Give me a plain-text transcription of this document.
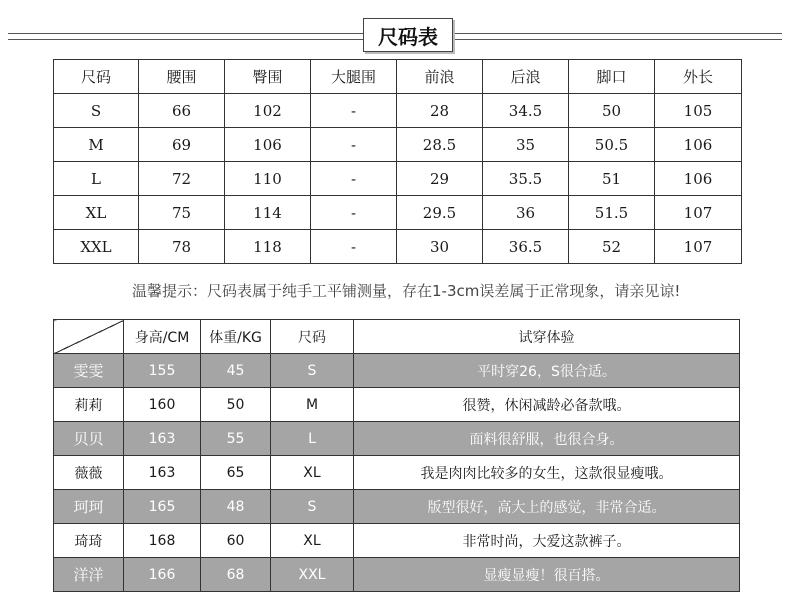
尺码表
尺码	腰围	臀围	大腿围	前浪	后浪	脚口	外长
S	66	102	-	28	34.5	50	105
M	69	106	-	28.5	35	50.5	106
L	72	110	-	29	35.5	51	106
XL	75	114	-	29.5	36	51.5	107
XXL	78	118	-	30	36.5	52	107
温馨提示：尺码表属于纯手工平铺测量，存在1-3cm误差属于正常现象，请亲见谅!
	身高/CM	体重/KG	尺码	试穿体验
雯雯	155	45	S	平时穿26，S很合适。
莉莉	160	50	M	很赞，休闲减龄必备款哦。
贝贝	163	55	L	面料很舒服，也很合身。
薇薇	163	65	XL	我是肉肉比较多的女生，这款很显瘦哦。
珂珂	165	48	S	版型很好，高大上的感觉，非常合适。
琦琦	168	60	XL	非常时尚，大爱这款裤子。
洋洋	166	68	XXL	显瘦显瘦！很百搭。
